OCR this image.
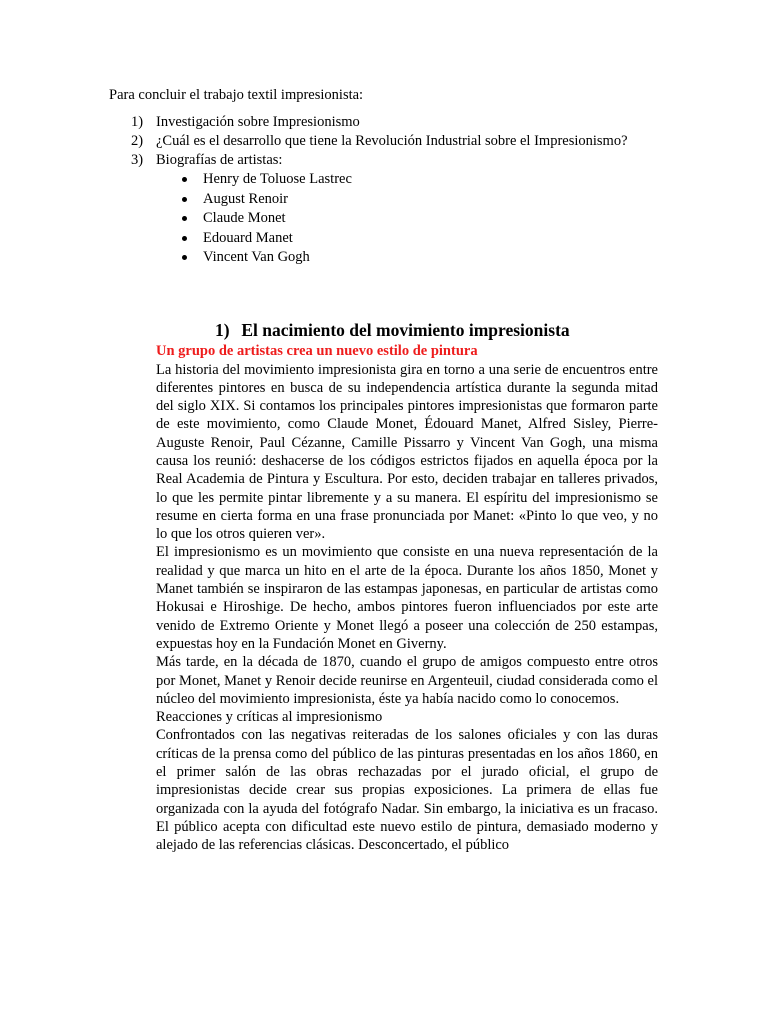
Para concluir el trabajo textil impresionista:

1) Investigación sobre Impresionismo
2) ¿Cuál es el desarrollo que tiene la Revolución Industrial sobre el Impresionismo?
3) Biografías de artistas:
Henry de Toluose Lastrec
August Renoir
Claude Monet
Edouard Manet
Vincent Van Gogh
1) El nacimiento del movimiento impresionista

Un grupo de artistas crea un nuevo estilo de pintura

La historia del movimiento impresionista gira en torno a una serie de encuentros entre diferentes pintores en busca de su independencia artística durante la segunda mitad del siglo XIX. Si contamos los principales pintores impresionistas que formaron parte de este movimiento, como Claude Monet, Édouard Manet, Alfred Sisley, Pierre-Auguste Renoir, Paul Cézanne, Camille Pissarro y Vincent Van Gogh, una misma causa los reunió: deshacerse de los códigos estrictos fijados en aquella época por la Real Academia de Pintura y Escultura. Por esto, deciden trabajar en talleres privados, lo que les permite pintar libremente y a su manera. El espíritu del impresionismo se resume en cierta forma en una frase pronunciada por Manet: «Pinto lo que veo, y no lo que los otros quieren ver».

El impresionismo es un movimiento que consiste en una nueva representación de la realidad y que marca un hito en el arte de la época. Durante los años 1850, Monet y Manet también se inspiraron de las estampas japonesas, en particular de artistas como Hokusai e Hiroshige. De hecho, ambos pintores fueron influenciados por este arte venido de Extremo Oriente y Monet llegó a poseer una colección de 250 estampas, expuestas hoy en la Fundación Monet en Giverny.

Más tarde, en la década de 1870, cuando el grupo de amigos compuesto entre otros por Monet, Manet y Renoir decide reunirse en Argenteuil, ciudad considerada como el núcleo del movimiento impresionista, éste ya había nacido como lo conocemos.

Reacciones y críticas al impresionismo

Confrontados con las negativas reiteradas de los salones oficiales y con las duras críticas de la prensa como del público de las pinturas presentadas en los años 1860, en el primer salón de las obras rechazadas por el jurado oficial, el grupo de impresionistas decide crear sus propias exposiciones. La primera de ellas fue organizada con la ayuda del fotógrafo Nadar. Sin embargo, la iniciativa es un fracaso. El público acepta con dificultad este nuevo estilo de pintura, demasiado moderno y alejado de las referencias clásicas. Desconcertado, el público
